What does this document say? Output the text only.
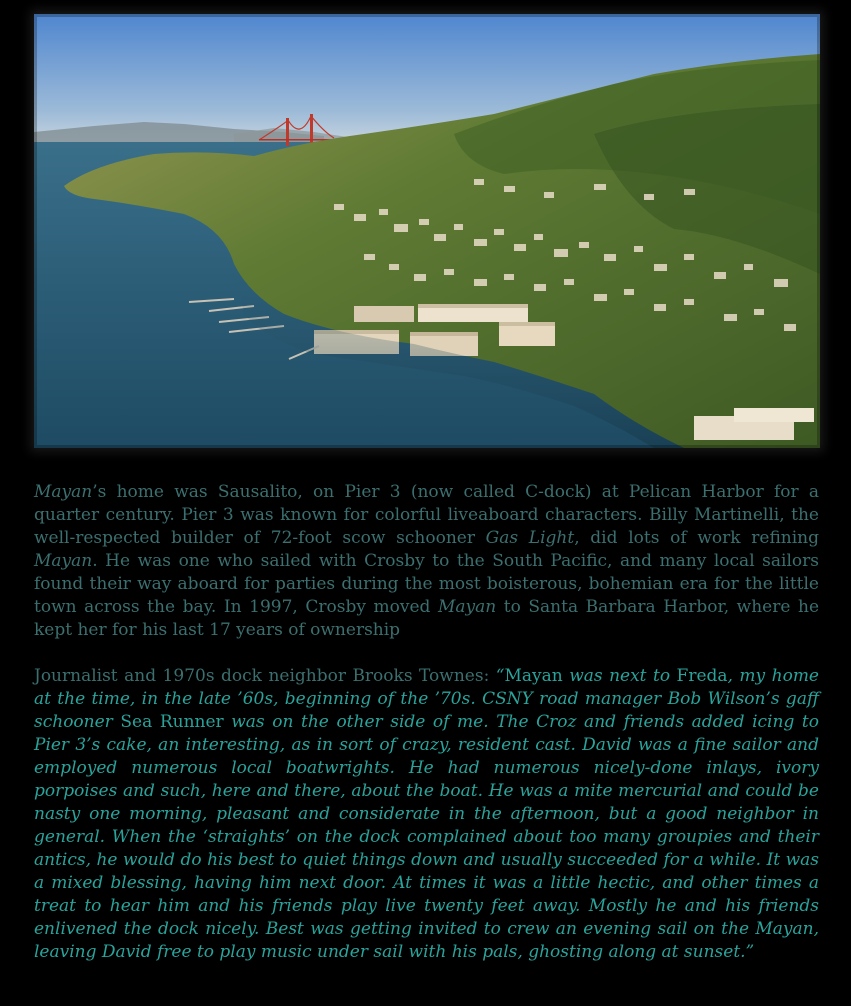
Mayan’s home was Sausalito, on Pier 3 (now called C-dock) at Pelican Harbor for a quarter century. Pier 3 was known for colorful liveaboard characters. Billy Martinelli, the well-respected builder of 72-foot scow schooner Gas Light, did lots of work refining Mayan. He was one who sailed with Crosby to the South Pacific, and many local sailors found their way aboard for parties during the most boisterous, bohemian era for the little town across the bay. In 1997, Crosby moved Mayan to Santa Barbara Harbor, where he kept her for his last 17 years of ownership

Journalist and 1970s dock neighbor Brooks Townes: “Mayan was next to Freda, my home at the time, in the late ’60s, beginning of the ’70s. CSNY road manager Bob Wilson’s gaff schooner Sea Runner was on the other side of me. The Croz and friends added icing to Pier 3’s cake, an interesting, as in sort of crazy, resident cast. David was a fine sailor and employed numerous local boatwrights. He had numerous nicely-done inlays, ivory porpoises and such, here and there, about the boat. He was a mite mercurial and could be nasty one morning, pleasant and considerate in the afternoon, but a good neighbor in general. When the ‘straights’ on the dock complained about too many groupies and their antics, he would do his best to quiet things down and usually succeeded for a while. It was a mixed blessing, having him next door. At times it was a little hectic, and other times a treat to hear him and his friends play live twenty feet away. Mostly he and his friends enlivened the dock nicely. Best was getting invited to crew an evening sail on the Mayan, leaving David free to play music under sail with his pals, ghosting along at sunset.”
